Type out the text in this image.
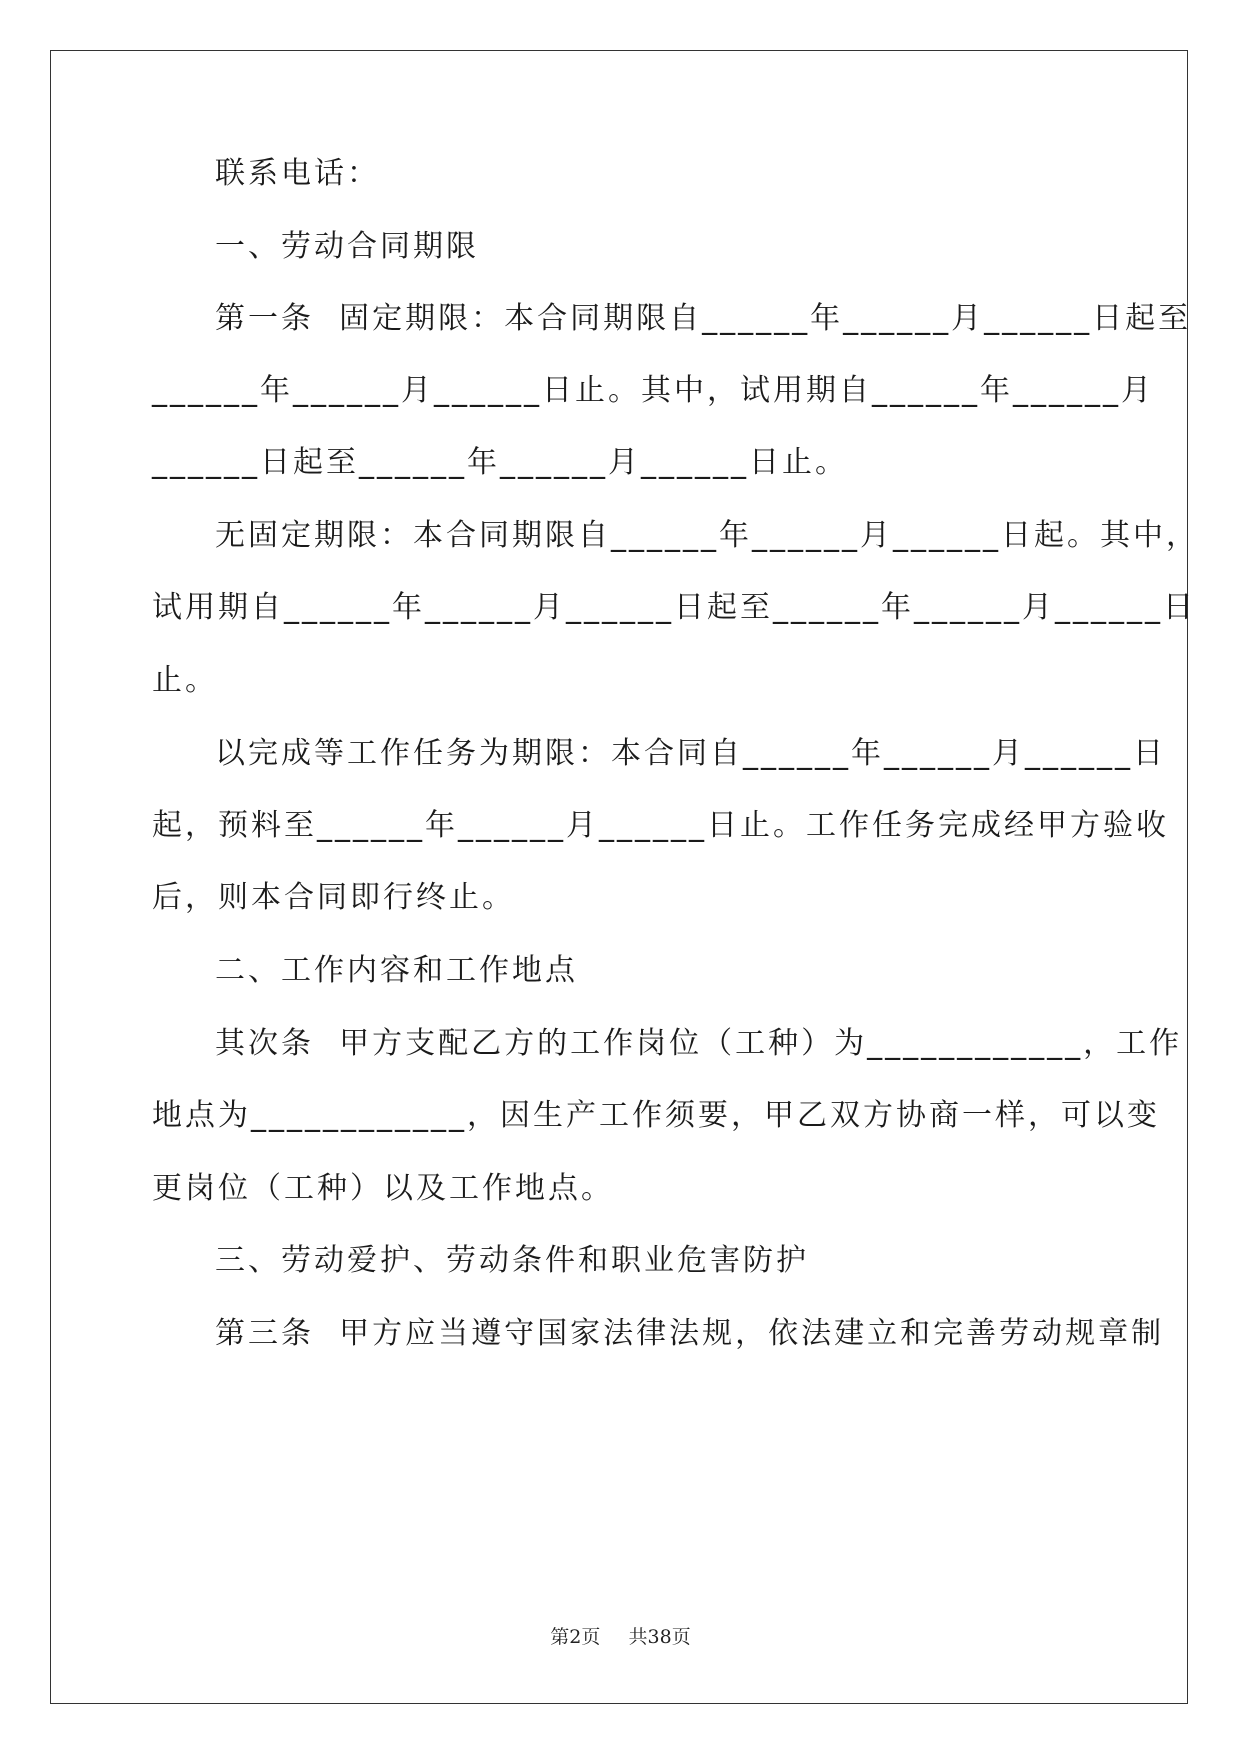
联系电话：
一、劳动合同期限
第一条  固定期限：本合同期限自______年______月______日起至
______年______月______日止。其中，试用期自______年______月
______日起至______年______月______日止。
无固定期限：本合同期限自______年______月______日起。其中，
试用期自______年______月______日起至______年______月______日
止。
以完成等工作任务为期限：本合同自______年______月______日
起，预料至______年______月______日止。工作任务完成经甲方验收
后，则本合同即行终止。
二、工作内容和工作地点
其次条  甲方支配乙方的工作岗位（工种）为____________，工作
地点为____________，因生产工作须要，甲乙双方协商一样，可以变
更岗位（工种）以及工作地点。
三、劳动爱护、劳动条件和职业危害防护
第三条  甲方应当遵守国家法律法规，依法建立和完善劳动规章制
第2页 共38页
